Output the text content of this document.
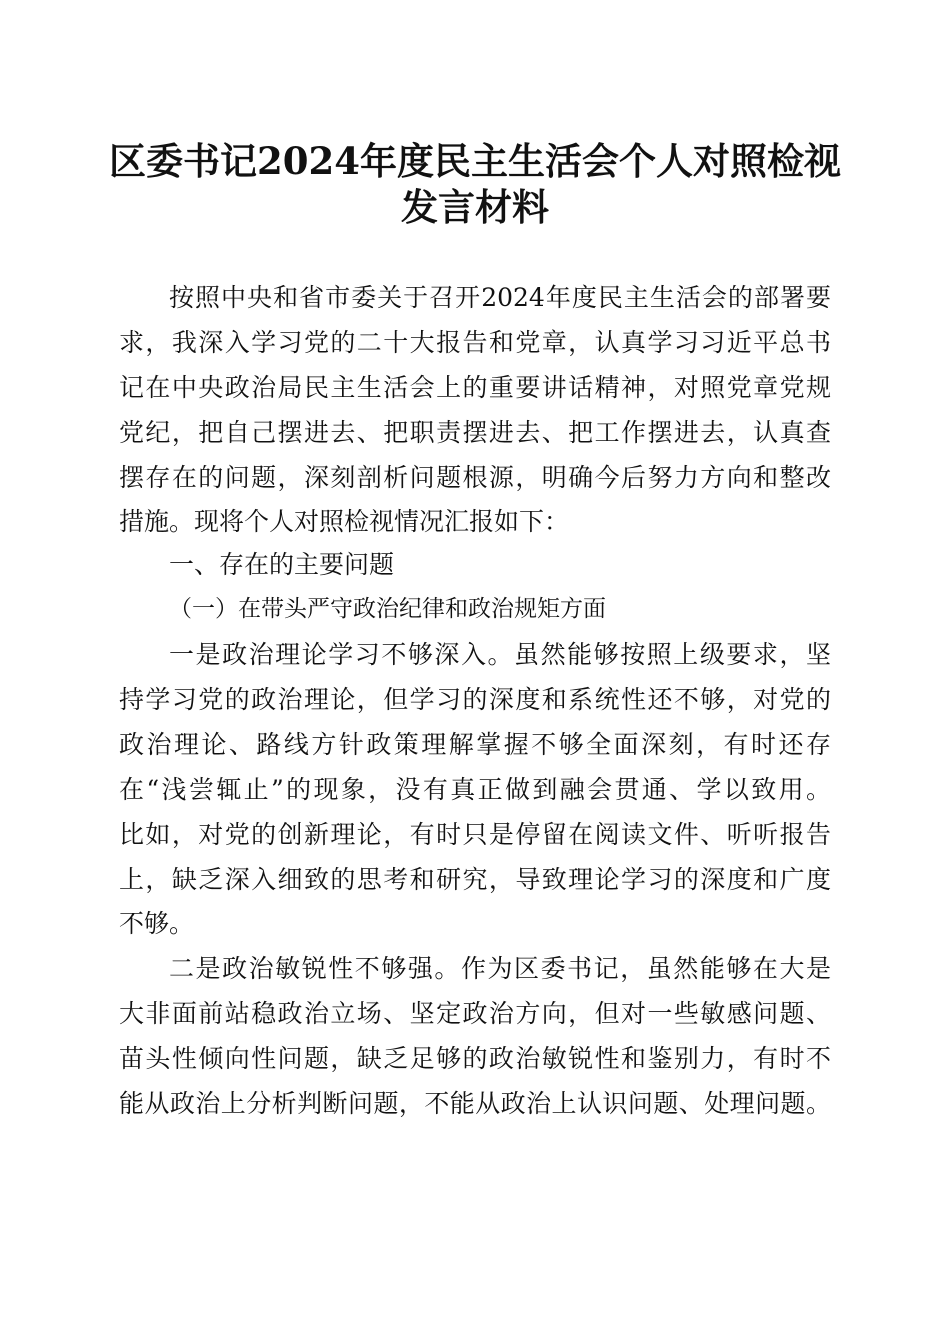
区委书记2024年度民主生活会个人对照检视
发言材料
按照中央和省市委关于召开2024年度民主生活会的部署要
求，我深入学习党的二十大报告和党章，认真学习习近平总书
记在中央政治局民主生活会上的重要讲话精神，对照党章党规
党纪，把自己摆进去、把职责摆进去、把工作摆进去，认真查
摆存在的问题，深刻剖析问题根源，明确今后努力方向和整改
措施。现将个人对照检视情况汇报如下：
一、存在的主要问题
（一）在带头严守政治纪律和政治规矩方面
一是政治理论学习不够深入。虽然能够按照上级要求，坚
持学习党的政治理论，但学习的深度和系统性还不够，对党的
政治理论、路线方针政策理解掌握不够全面深刻，有时还存
在“浅尝辄止”的现象，没有真正做到融会贯通、学以致用。
比如，对党的创新理论，有时只是停留在阅读文件、听听报告
上，缺乏深入细致的思考和研究，导致理论学习的深度和广度
不够。
二是政治敏锐性不够强。作为区委书记，虽然能够在大是
大非面前站稳政治立场、坚定政治方向，但对一些敏感问题、
苗头性倾向性问题，缺乏足够的政治敏锐性和鉴别力，有时不
能从政治上分析判断问题，不能从政治上认识问题、处理问题。
